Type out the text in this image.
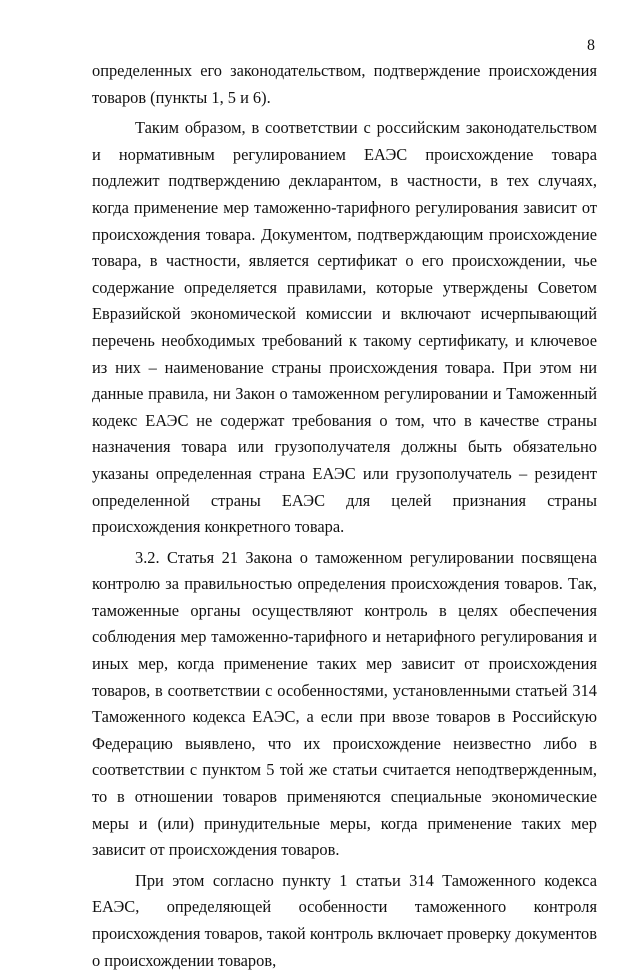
8

определенных его законодательством, подтверждение происхождения товаров (пункты 1, 5 и 6).

Таким образом, в соответствии с российским законодательством и нормативным регулированием ЕАЭС происхождение товара подлежит подтверждению декларантом, в частности, в тех случаях, когда применение мер таможенно-тарифного регулирования зависит от происхождения товара. Документом, подтверждающим происхождение товара, в частности, является сертификат о его происхождении, чье содержание определяется правилами, которые утверждены Советом Евразийской экономической комиссии и включают исчерпывающий перечень необходимых требований к такому сертификату, и ключевое из них – наименование страны происхождения товара. При этом ни данные правила, ни Закон о таможенном регулировании и Таможенный кодекс ЕАЭС не содержат требования о том, что в качестве страны назначения товара или грузополучателя должны быть обязательно указаны определенная страна ЕАЭС или грузополучатель – резидент определенной страны ЕАЭС для целей признания страны происхождения конкретного товара.

3.2. Статья 21 Закона о таможенном регулировании посвящена контролю за правильностью определения происхождения товаров. Так, таможенные органы осуществляют контроль в целях обеспечения соблюдения мер таможенно-тарифного и нетарифного регулирования и иных мер, когда применение таких мер зависит от происхождения товаров, в соответствии с особенностями, установленными статьей 314 Таможенного кодекса ЕАЭС, а если при ввозе товаров в Российскую Федерацию выявлено, что их происхождение неизвестно либо в соответствии с пунктом 5 той же статьи считается неподтвержденным, то в отношении товаров применяются специальные экономические меры и (или) принудительные меры, когда применение таких мер зависит от происхождения товаров.

При этом согласно пункту 1 статьи 314 Таможенного кодекса ЕАЭС, определяющей особенности таможенного контроля происхождения товаров, такой контроль включает проверку документов о происхождении товаров,
